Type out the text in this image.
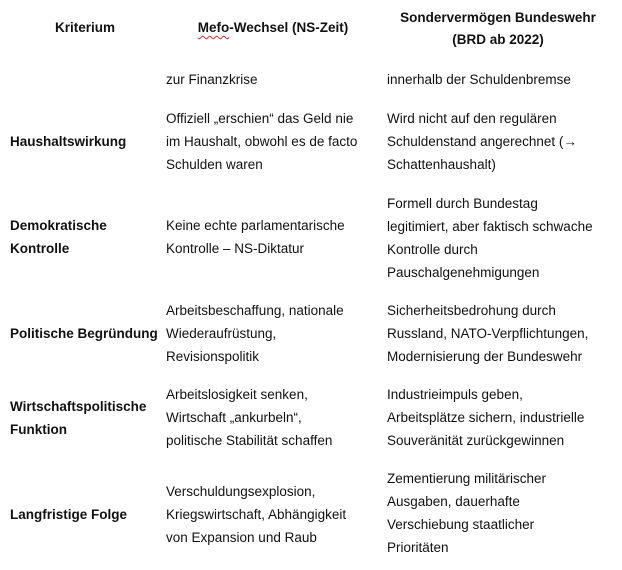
Kriterium	Mefo-Wechsel (NS-Zeit)
Sondervermögen Bundeswehr
(BRD ab 2022)
zur Finanzkrise	innerhalb der Schuldenbremse
Haushaltswirkung
Offiziell „erschien“ das Geld nie
im Haushalt, obwohl es de facto
Schulden waren
Wird nicht auf den regulären
Schuldenstand angerechnet (→
Schattenhaushalt)
Demokratische
Kontrolle
Keine echte parlamentarische
Kontrolle – NS-Diktatur
Formell durch Bundestag
legitimiert, aber faktisch schwache
Kontrolle durch
Pauschalgenehmigungen
Politische Begründung
Arbeitsbeschaffung, nationale
Wiederaufrüstung,
Revisionspolitik
Sicherheitsbedrohung durch
Russland, NATO-Verpflichtungen,
Modernisierung der Bundeswehr
Wirtschaftspolitische
Funktion
Arbeitslosigkeit senken,
Wirtschaft „ankurbeln“,
politische Stabilität schaffen
Industrieimpuls geben,
Arbeitsplätze sichern, industrielle
Souveränität zurückgewinnen
Langfristige Folge
Verschuldungsexplosion,
Kriegswirtschaft, Abhängigkeit
von Expansion und Raub
Zementierung militärischer
Ausgaben, dauerhafte
Verschiebung staatlicher
Prioritäten
